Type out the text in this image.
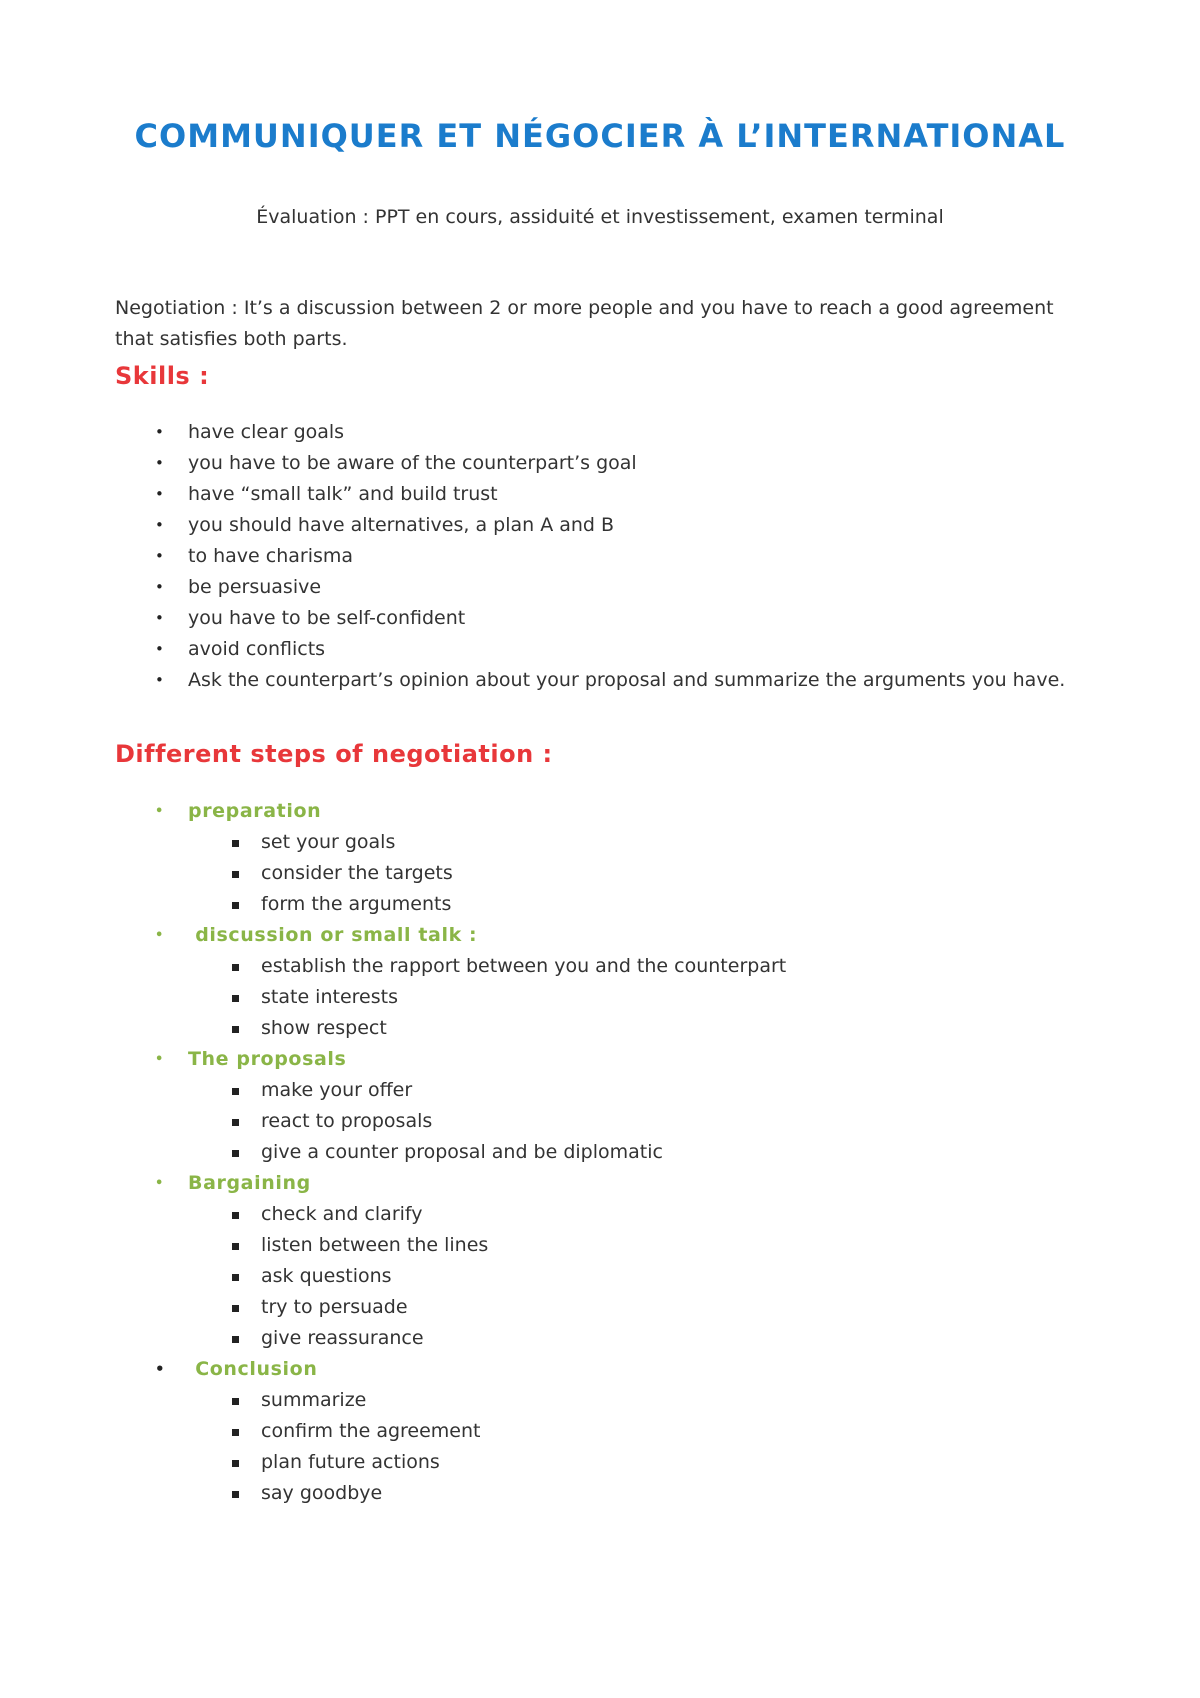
COMMUNIQUER ET NÉGOCIER À L’INTERNATIONAL

Évaluation : PPT en cours, assiduité et investissement, examen terminal

Negotiation : It’s a discussion between 2 or more people and you have to reach a good agreement that satisfies both parts.

Skills :
• have clear goals
• you have to be aware of the counterpart’s goal
• have “small talk” and build trust
• you should have alternatives, a plan A and B
• to have charisma
• be persuasive
• you have to be self-confident
• avoid conflicts
• Ask the counterpart’s opinion about your proposal and summarize the arguments you have.
Different steps of negotiation :
• preparation
set your goals
consider the targets
form the arguments
• discussion or small talk :
establish the rapport between you and the counterpart
state interests
show respect
• The proposals
make your offer
react to proposals
give a counter proposal and be diplomatic
• Bargaining
check and clarify
listen between the lines
ask questions
try to persuade
give reassurance
• Conclusion
summarize
confirm the agreement
plan future actions
say goodbye
